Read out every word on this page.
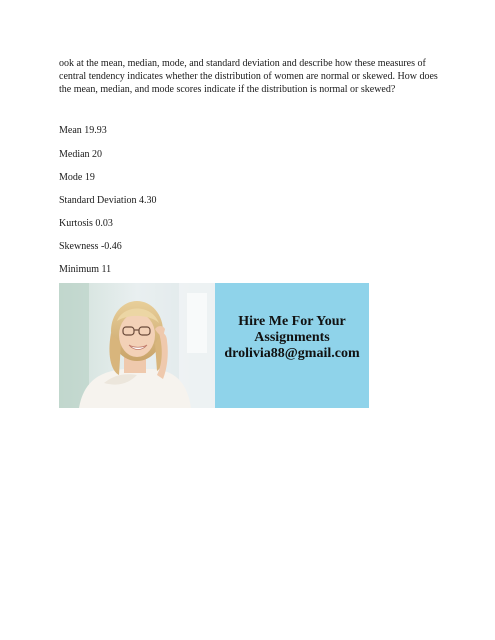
ook at the mean, median, mode, and standard deviation and describe how these measures of central tendency indicates whether the distribution of women are normal or skewed. How does the mean, median, and mode scores indicate if the distribution is normal or skewed?

Mean 19.93

Median 20

Mode 19

Standard Deviation 4.30

Kurtosis 0.03

Skewness -0.46

Minimum 11

Hire Me For Your
Assignments
drolivia88@gmail.com
